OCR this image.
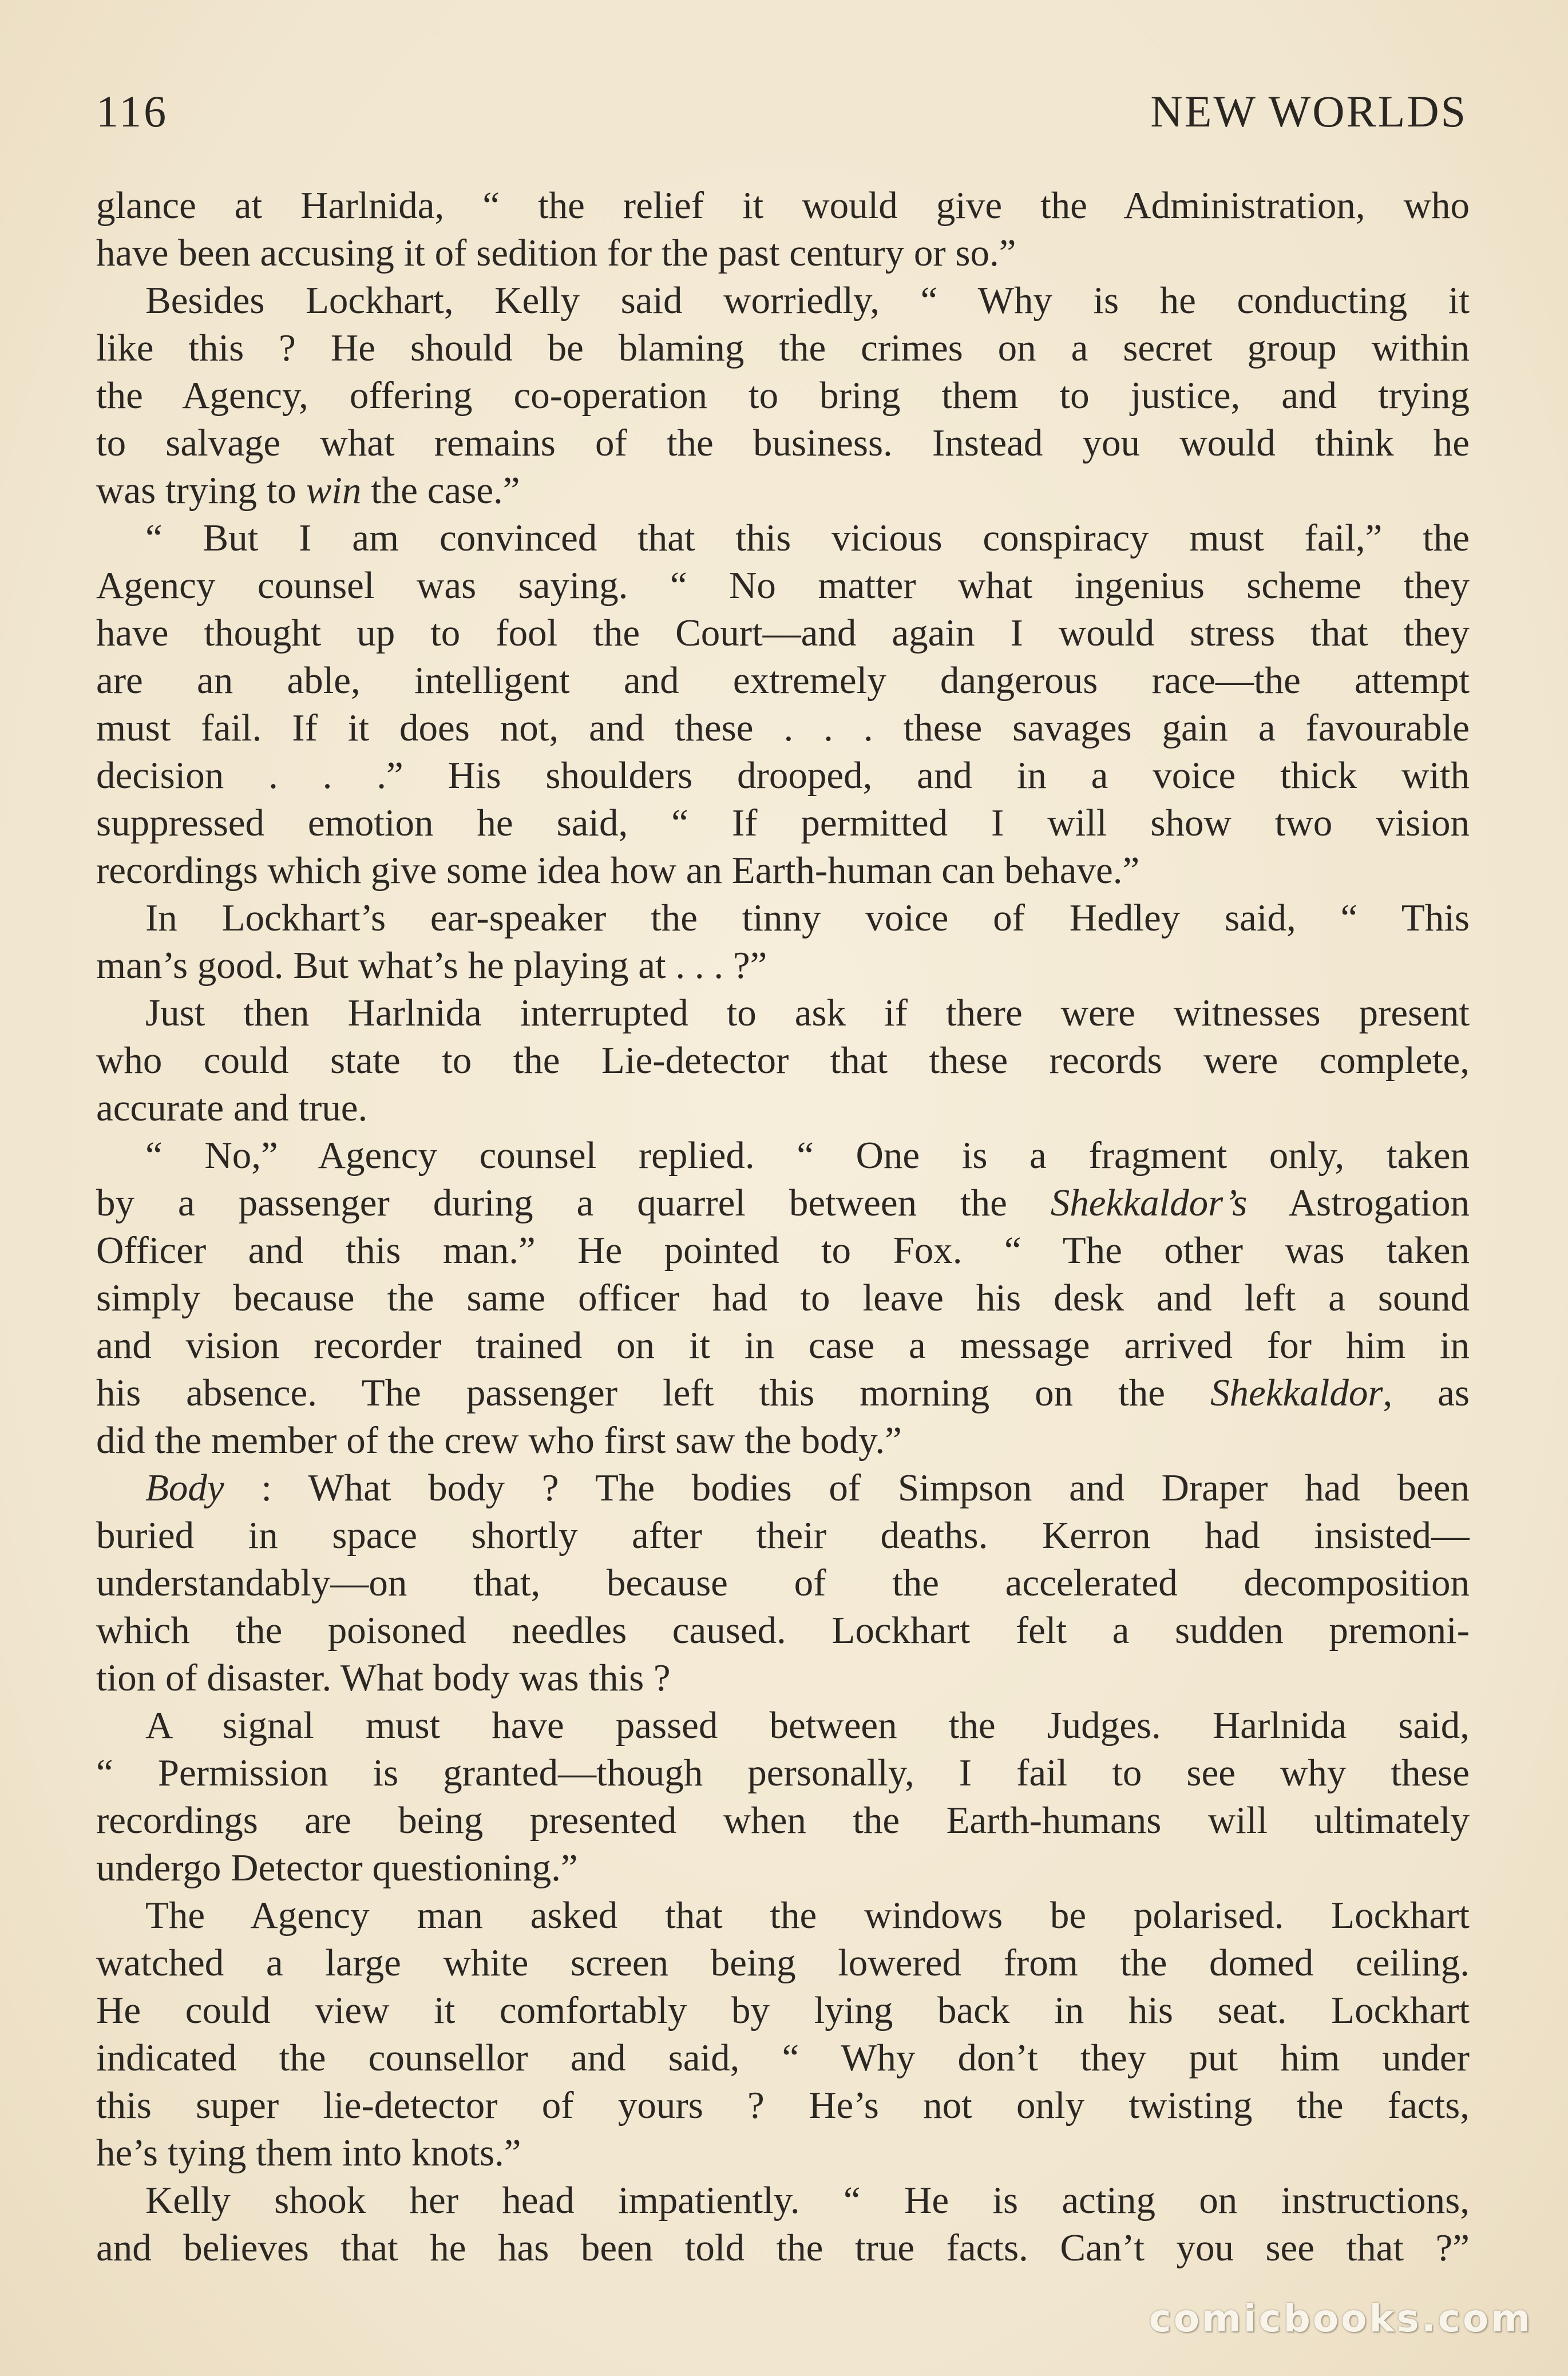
116	NEW WORLDS
glance at Harlnida, “ the relief it would give the Administration, who
have been accusing it of sedition for the past century or so.”
Besides Lockhart, Kelly said worriedly, “ Why is he conducting it
like this ? He should be blaming the crimes on a secret group within
the Agency, offering co-operation to bring them to justice, and trying
to salvage what remains of the business. Instead you would think he
was trying to win the case.”
“ But I am convinced that this vicious conspiracy must fail,” the
Agency counsel was saying. “ No matter what ingenius scheme they
have thought up to fool the Court—and again I would stress that they
are an able, intelligent and extremely dangerous race—the attempt
must fail. If it does not, and these . . . these savages gain a favourable
decision . . .” His shoulders drooped, and in a voice thick with
suppressed emotion he said, “ If permitted I will show two vision
recordings which give some idea how an Earth-human can behave.”
In Lockhart’s ear-speaker the tinny voice of Hedley said, “ This
man’s good. But what’s he playing at . . . ?”
Just then Harlnida interrupted to ask if there were witnesses present
who could state to the Lie-detector that these records were complete,
accurate and true.
“ No,” Agency counsel replied. “ One is a fragment only, taken
by a passenger during a quarrel between the Shekkaldor’s Astrogation
Officer and this man.” He pointed to Fox. “ The other was taken
simply because the same officer had to leave his desk and left a sound
and vision recorder trained on it in case a message arrived for him in
his absence. The passenger left this morning on the Shekkaldor, as
did the member of the crew who first saw the body.”
Body : What body ? The bodies of Simpson and Draper had been
buried in space shortly after their deaths. Kerron had insisted—
understandably—on that, because of the accelerated decomposition
which the poisoned needles caused. Lockhart felt a sudden premoni-
tion of disaster. What body was this ?
A signal must have passed between the Judges. Harlnida said,
“ Permission is granted—though personally, I fail to see why these
recordings are being presented when the Earth-humans will ultimately
undergo Detector questioning.”
The Agency man asked that the windows be polarised. Lockhart
watched a large white screen being lowered from the domed ceiling.
He could view it comfortably by lying back in his seat. Lockhart
indicated the counsellor and said, “ Why don’t they put him under
this super lie-detector of yours ? He’s not only twisting the facts,
he’s tying them into knots.”
Kelly shook her head impatiently. “ He is acting on instructions,
and believes that he has been told the true facts. Can’t you see that ?”
comicbooks.com
